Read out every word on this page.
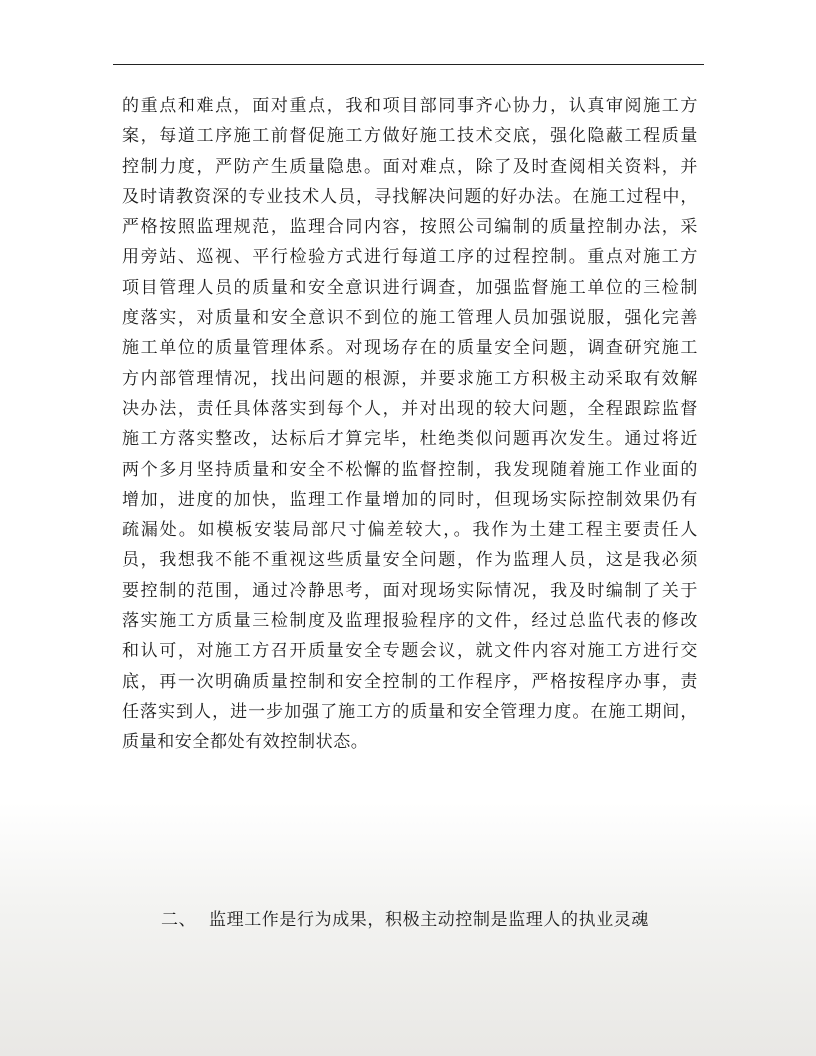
的重点和难点，面对重点，我和项目部同事齐心协力，认真审阅施工方
案，每道工序施工前督促施工方做好施工技术交底，强化隐蔽工程质量
控制力度，严防产生质量隐患。面对难点，除了及时查阅相关资料，并
及时请教资深的专业技术人员，寻找解决问题的好办法。在施工过程中，
严格按照监理规范，监理合同内容，按照公司编制的质量控制办法，采
用旁站、巡视、平行检验方式进行每道工序的过程控制。重点对施工方
项目管理人员的质量和安全意识进行调查，加强监督施工单位的三检制
度落实，对质量和安全意识不到位的施工管理人员加强说服，强化完善
施工单位的质量管理体系。对现场存在的质量安全问题，调查研究施工
方内部管理情况，找出问题的根源，并要求施工方积极主动采取有效解
决办法，责任具体落实到每个人，并对出现的较大问题，全程跟踪监督
施工方落实整改，达标后才算完毕，杜绝类似问题再次发生。通过将近
两个多月坚持质量和安全不松懈的监督控制，我发现随着施工作业面的
增加，进度的加快，监理工作量增加的同时，但现场实际控制效果仍有
疏漏处。如模板安装局部尺寸偏差较大，。我作为土建工程主要责任人
员，我想我不能不重视这些质量安全问题，作为监理人员，这是我必须
要控制的范围，通过冷静思考，面对现场实际情况，我及时编制了关于
落实施工方质量三检制度及监理报验程序的文件，经过总监代表的修改
和认可，对施工方召开质量安全专题会议，就文件内容对施工方进行交
底，再一次明确质量控制和安全控制的工作程序，严格按程序办事，责
任落实到人，进一步加强了施工方的质量和安全管理力度。在施工期间，
质量和安全都处有效控制状态。
二、 监理工作是行为成果，积极主动控制是监理人的执业灵魂
